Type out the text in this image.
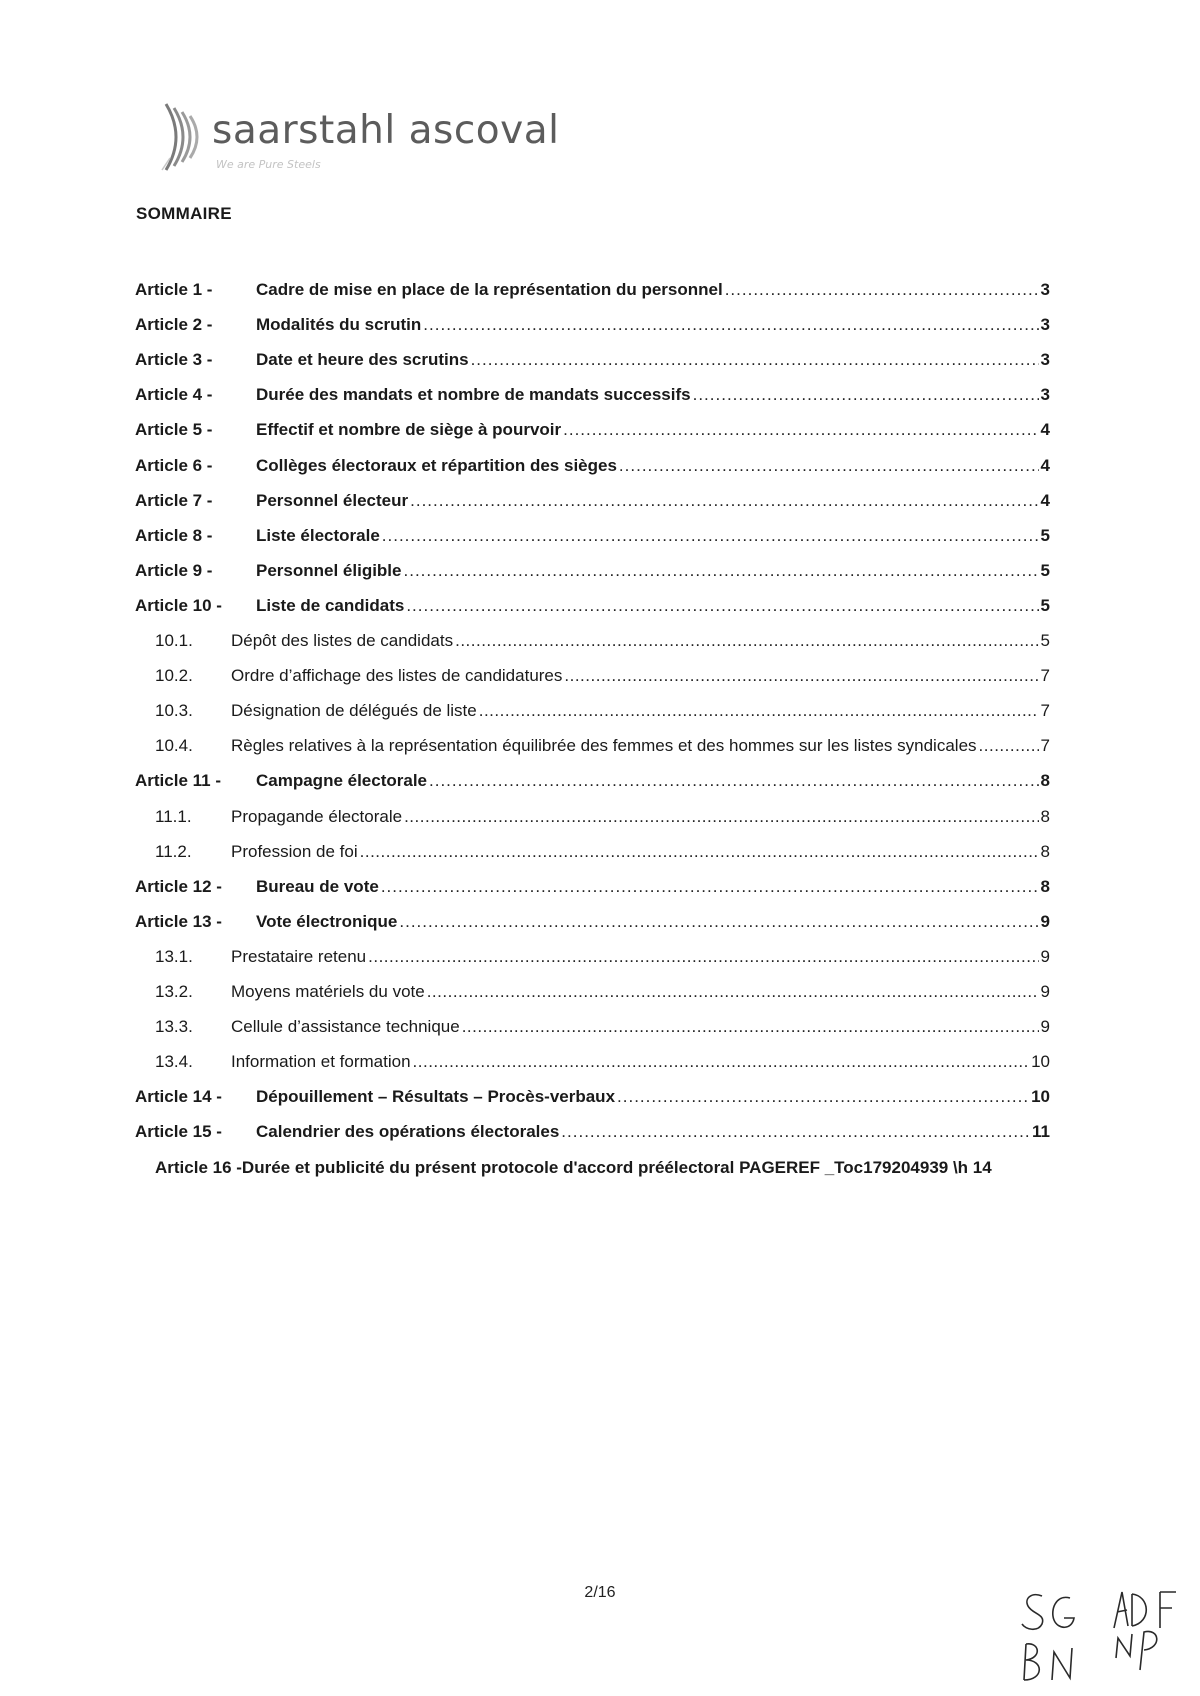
saarstahl ascoval
We are Pure Steels
SOMMAIRE
Article 1 -	Cadre de mise en place de la représentation du personnel .....	3
Article 2 -	Modalités du scrutin .....	3
Article 3 -	Date et heure des scrutins .....	3
Article 4 -	Durée des mandats et nombre de mandats successifs .....	3
Article 5 -	Effectif et nombre de siège à pourvoir .....	4
Article 6 -	Collèges électoraux et répartition des sièges .....	4
Article 7 -	Personnel électeur .....	4
Article 8 -	Liste électorale .....	5
Article 9 -	Personnel éligible .....	5
Article 10 -	Liste de candidats .....	5
10.1.	Dépôt des listes de candidats .....	5
10.2.	Ordre d’affichage des listes de candidatures .....	7
10.3.	Désignation de délégués de liste .....	7
10.4.	Règles relatives à la représentation équilibrée des femmes et des hommes sur les listes syndicales .....	7
Article 11 -	Campagne électorale .....	8
11.1.	Propagande électorale .....	8
11.2.	Profession de foi .....	8
Article 12 -	Bureau de vote .....	8
Article 13 -	Vote électronique .....	9
13.1.	Prestataire retenu .....	9
13.2.	Moyens matériels du vote .....	9
13.3.	Cellule d’assistance technique .....	9
13.4.	Information et formation .....	10
Article 14 -	Dépouillement – Résultats – Procès-verbaux .....	10
Article 15 -	Calendrier des opérations électorales .....	11
Article 16 -Durée et publicité du présent protocole d'accord préélectoral PAGEREF _Toc179204939 \h 14
2/16
